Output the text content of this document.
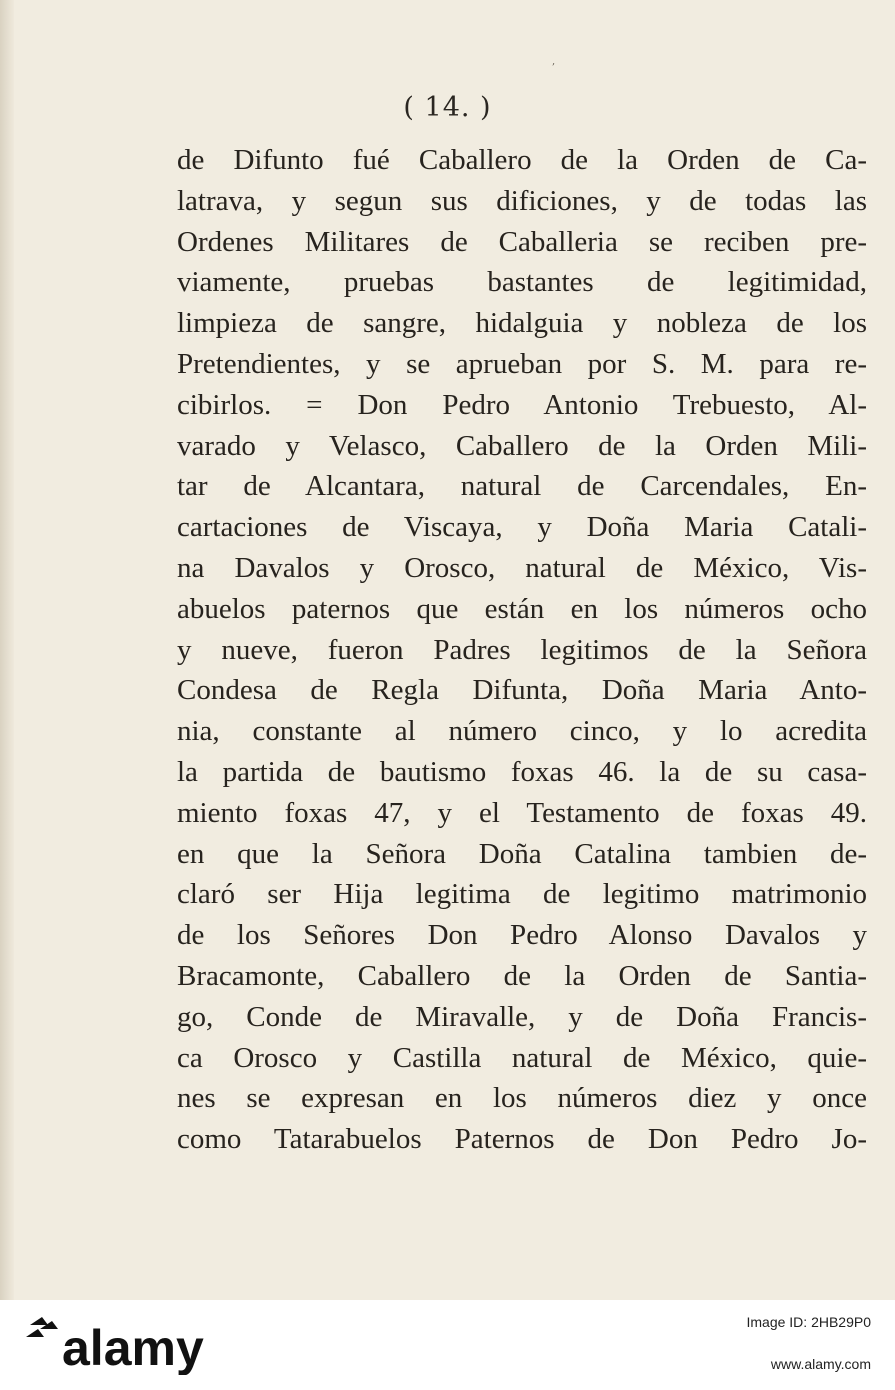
,
( 14. )
de Difunto fué Caballero de la Orden de Ca-
latrava, y segun sus dificiones, y de todas las
Ordenes Militares de Caballeria se reciben pre-
viamente, pruebas bastantes de legitimidad,
limpieza de sangre, hidalguia y nobleza de los
Pretendientes, y se aprueban por S. M. para re-
cibirlos. = Don Pedro Antonio Trebuesto, Al-
varado y Velasco, Caballero de la Orden Mili-
tar de Alcantara, natural de Carcendales, En-
cartaciones de Viscaya, y Doña Maria Catali-
na Davalos y Orosco, natural de México, Vis-
abuelos paternos que están en los números ocho
y nueve, fueron Padres legitimos de la Señora
Condesa de Regla Difunta, Doña Maria Anto-
nia, constante al número cinco, y lo acredita
la partida de bautismo foxas 46. la de su casa-
miento foxas 47, y el Testamento de foxas 49.
en que la Señora Doña Catalina tambien de-
claró ser Hija legitima de legitimo matrimonio
de los Señores Don Pedro Alonso Davalos y
Bracamonte, Caballero de la Orden de Santia-
go, Conde de Miravalle, y de Doña Francis-
ca Orosco y Castilla natural de México, quie-
nes se expresan en los números diez y once
como Tatarabuelos Paternos de Don Pedro Jo-
alamy	Image ID: 2HB29P0
www.alamy.com
